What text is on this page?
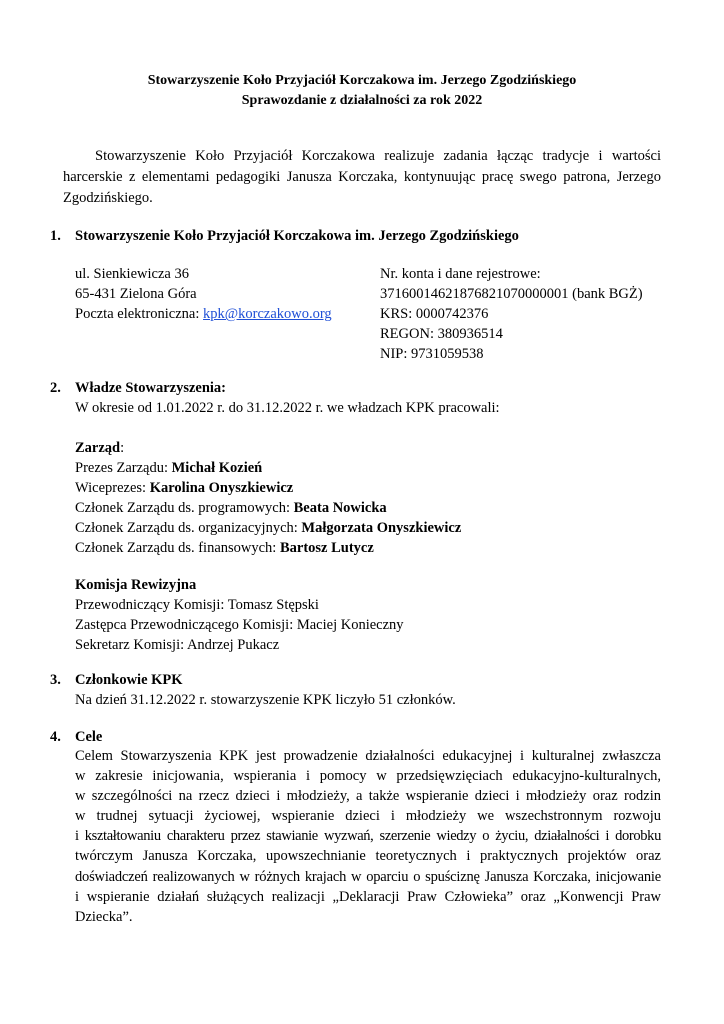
Stowarzyszenie Koło Przyjaciół Korczakowa im. Jerzego Zgodzińskiego
Sprawozdanie z działalności za rok 2022
Stowarzyszenie Koło Przyjaciół Korczakowa realizuje zadania łącząc tradycje i wartości harcerskie z elementami pedagogiki Janusza Korczaka, kontynuując pracę swego patrona, Jerzego Zgodzińskiego.
1. Stowarzyszenie Koło Przyjaciół Korczakowa im. Jerzego Zgodzińskiego
ul. Sienkiewicza 36
65-431 Zielona Góra
Poczta elektroniczna: kpk@korczakowo.org
Nr. konta i dane rejestrowe:
37160014621876821070000001 (bank BGŻ)
KRS: 0000742376
REGON: 380936514
NIP: 9731059538
2. Władze Stowarzyszenia:
W okresie od 1.01.2022 r. do 31.12.2022 r. we władzach KPK pracowali:
Zarząd:
Prezes Zarządu: Michał Kozień
Wiceprezes: Karolina Onyszkiewicz
Członek Zarządu ds. programowych: Beata Nowicka
Członek Zarządu ds. organizacyjnych: Małgorzata Onyszkiewicz
Członek Zarządu ds. finansowych: Bartosz Lutycz
Komisja Rewizyjna
Przewodniczący Komisji: Tomasz Stępski
Zastępca Przewodniczącego Komisji: Maciej Konieczny
Sekretarz Komisji: Andrzej Pukacz
3. Członkowie KPK
Na dzień 31.12.2022 r. stowarzyszenie KPK liczyło 51 członków.
4. Cele
Celem Stowarzyszenia KPK jest prowadzenie działalności edukacyjnej i kulturalnej zwłaszcza
w zakresie inicjowania, wspierania i pomocy w przedsięwzięciach edukacyjno-kulturalnych,
w szczególności na rzecz dzieci i młodzieży, a także wspieranie dzieci i młodzieży oraz rodzin
w trudnej sytuacji życiowej, wspieranie dzieci i młodzieży we wszechstronnym rozwoju
i kształtowaniu charakteru przez stawianie wyzwań, szerzenie wiedzy o życiu, działalności i dorobku
twórczym Janusza Korczaka, upowszechnianie teoretycznych i praktycznych projektów oraz
doświadczeń realizowanych w różnych krajach w oparciu o spuściznę Janusza Korczaka, inicjowanie
i wspieranie działań służących realizacji „Deklaracji Praw Człowieka” oraz „Konwencji Praw
Dziecka”.
